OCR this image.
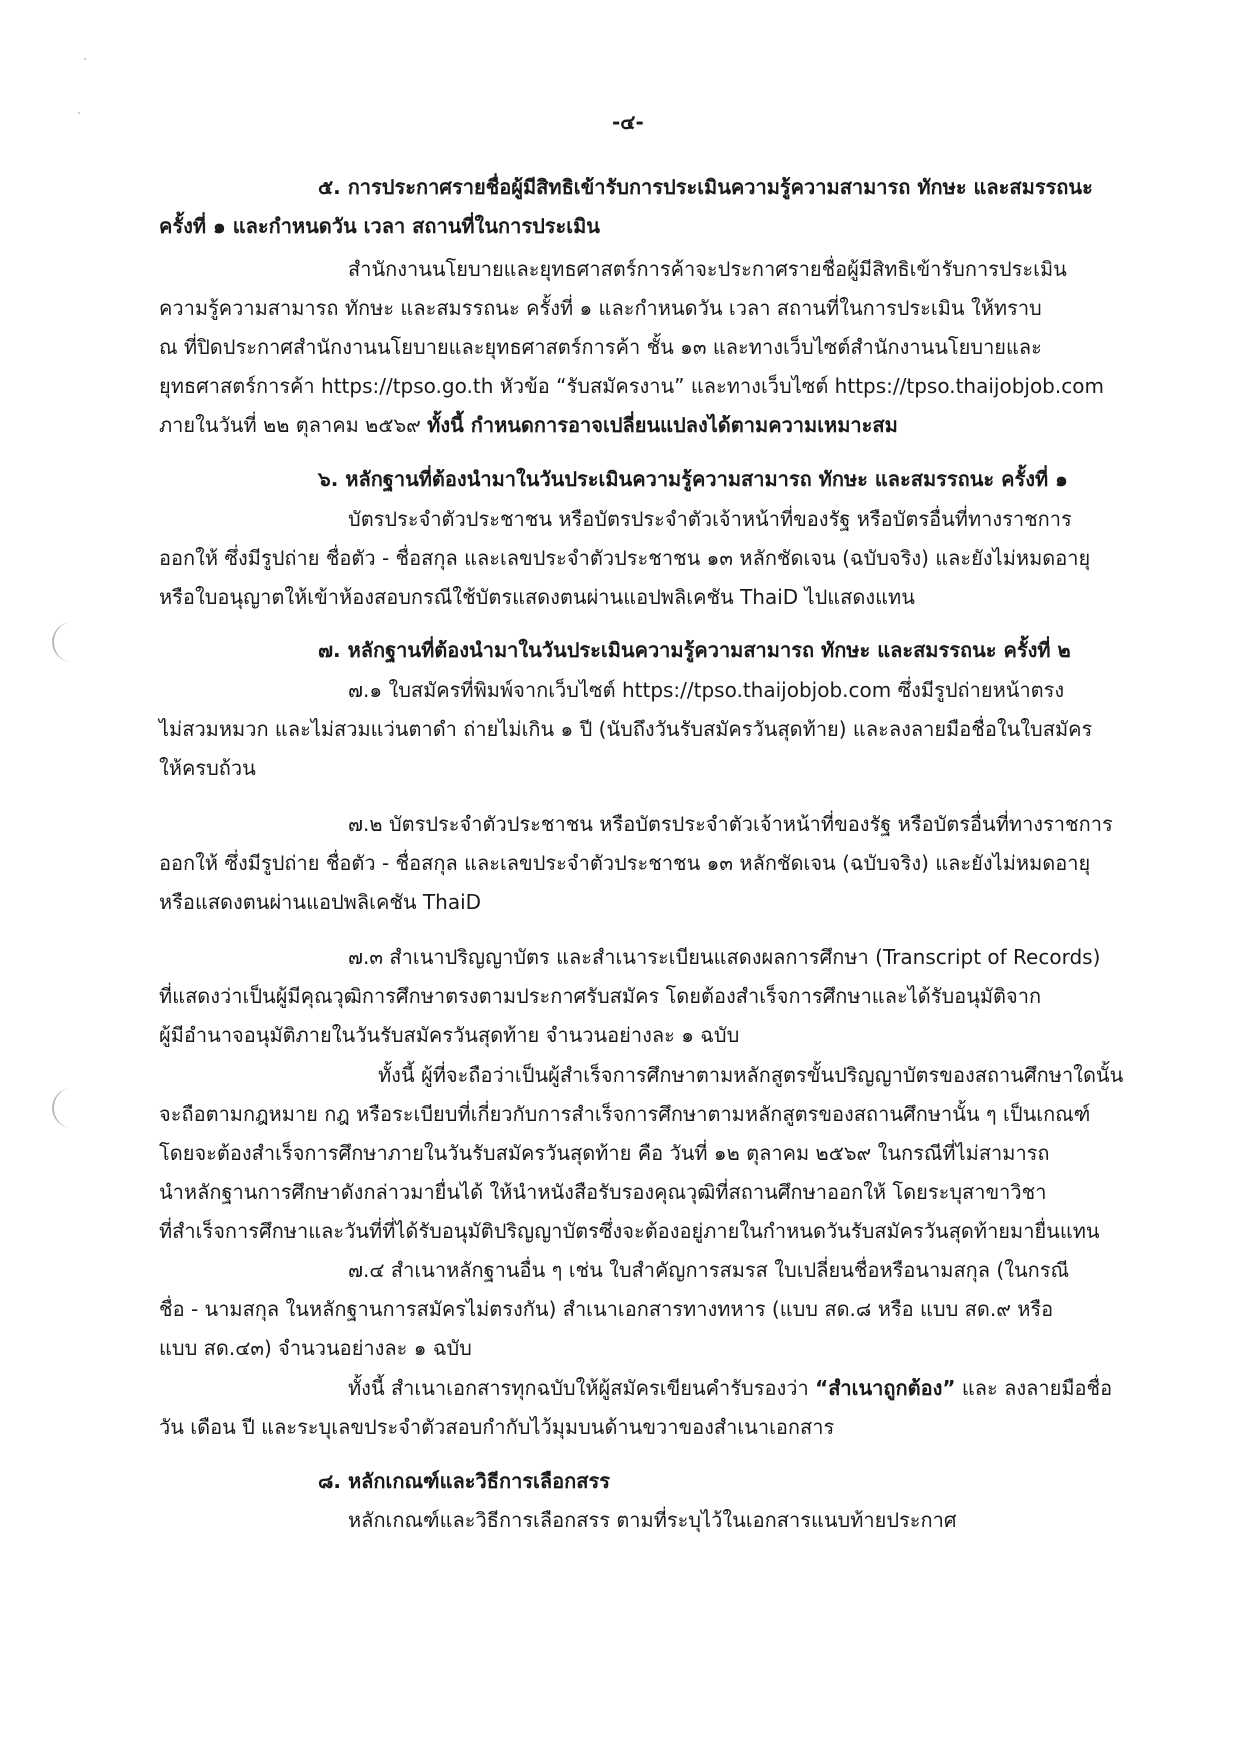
-๔-
๕. การประกาศรายชื่อผู้มีสิทธิเข้ารับการประเมินความรู้ความสามารถ ทักษะ และสมรรถนะ
ครั้งที่ ๑ และกำหนดวัน เวลา สถานที่ในการประเมิน
สำนักงานนโยบายและยุทธศาสตร์การค้าจะประกาศรายชื่อผู้มีสิทธิเข้ารับการประเมิน
ความรู้ความสามารถ ทักษะ และสมรรถนะ ครั้งที่ ๑ และกำหนดวัน เวลา สถานที่ในการประเมิน ให้ทราบ
ณ ที่ปิดประกาศสำนักงานนโยบายและยุทธศาสตร์การค้า ชั้น ๑๓ และทางเว็บไซต์สำนักงานนโยบายและ
ยุทธศาสตร์การค้า https://tpso.go.th หัวข้อ “รับสมัครงาน” และทางเว็บไซต์ https://tpso.thaijobjob.com
ภายในวันที่ ๒๒ ตุลาคม ๒๕๖๙ ทั้งนี้ กำหนดการอาจเปลี่ยนแปลงได้ตามความเหมาะสม
๖. หลักฐานที่ต้องนำมาในวันประเมินความรู้ความสามารถ ทักษะ และสมรรถนะ ครั้งที่ ๑
บัตรประจำตัวประชาชน หรือบัตรประจำตัวเจ้าหน้าที่ของรัฐ หรือบัตรอื่นที่ทางราชการ
ออกให้ ซึ่งมีรูปถ่าย ชื่อตัว - ชื่อสกุล และเลขประจำตัวประชาชน ๑๓ หลักชัดเจน (ฉบับจริง) และยังไม่หมดอายุ
หรือใบอนุญาตให้เข้าห้องสอบกรณีใช้บัตรแสดงตนผ่านแอปพลิเคชัน ThaiD ไปแสดงแทน
๗. หลักฐานที่ต้องนำมาในวันประเมินความรู้ความสามารถ ทักษะ และสมรรถนะ ครั้งที่ ๒
๗.๑ ใบสมัครที่พิมพ์จากเว็บไซต์ https://tpso.thaijobjob.com ซึ่งมีรูปถ่ายหน้าตรง
ไม่สวมหมวก และไม่สวมแว่นตาดำ ถ่ายไม่เกิน ๑ ปี (นับถึงวันรับสมัครวันสุดท้าย) และลงลายมือชื่อในใบสมัคร
ให้ครบถ้วน
๗.๒ บัตรประจำตัวประชาชน หรือบัตรประจำตัวเจ้าหน้าที่ของรัฐ หรือบัตรอื่นที่ทางราชการ
ออกให้ ซึ่งมีรูปถ่าย ชื่อตัว - ชื่อสกุล และเลขประจำตัวประชาชน ๑๓ หลักชัดเจน (ฉบับจริง) และยังไม่หมดอายุ
หรือแสดงตนผ่านแอปพลิเคชัน ThaiD
๗.๓ สำเนาปริญญาบัตร และสำเนาระเบียนแสดงผลการศึกษา (Transcript of Records)
ที่แสดงว่าเป็นผู้มีคุณวุฒิการศึกษาตรงตามประกาศรับสมัคร โดยต้องสำเร็จการศึกษาและได้รับอนุมัติจาก
ผู้มีอำนาจอนุมัติภายในวันรับสมัครวันสุดท้าย จำนวนอย่างละ ๑ ฉบับ
ทั้งนี้ ผู้ที่จะถือว่าเป็นผู้สำเร็จการศึกษาตามหลักสูตรขั้นปริญญาบัตรของสถานศึกษาใดนั้น
จะถือตามกฎหมาย กฎ หรือระเบียบที่เกี่ยวกับการสำเร็จการศึกษาตามหลักสูตรของสถานศึกษานั้น ๆ เป็นเกณฑ์
โดยจะต้องสำเร็จการศึกษาภายในวันรับสมัครวันสุดท้าย คือ วันที่ ๑๒ ตุลาคม ๒๕๖๙ ในกรณีที่ไม่สามารถ
นำหลักฐานการศึกษาดังกล่าวมายื่นได้ ให้นำหนังสือรับรองคุณวุฒิที่สถานศึกษาออกให้ โดยระบุสาขาวิชา
ที่สำเร็จการศึกษาและวันที่ที่ได้รับอนุมัติปริญญาบัตรซึ่งจะต้องอยู่ภายในกำหนดวันรับสมัครวันสุดท้ายมายื่นแทน
๗.๔ สำเนาหลักฐานอื่น ๆ เช่น ใบสำคัญการสมรส ใบเปลี่ยนชื่อหรือนามสกุล (ในกรณี
ชื่อ - นามสกุล ในหลักฐานการสมัครไม่ตรงกัน) สำเนาเอกสารทางทหาร (แบบ สด.๘ หรือ แบบ สด.๙ หรือ
แบบ สด.๔๓) จำนวนอย่างละ ๑ ฉบับ
ทั้งนี้ สำเนาเอกสารทุกฉบับให้ผู้สมัครเขียนคำรับรองว่า “สำเนาถูกต้อง” และ ลงลายมือชื่อ
วัน เดือน ปี และระบุเลขประจำตัวสอบกำกับไว้มุมบนด้านขวาของสำเนาเอกสาร
๘. หลักเกณฑ์และวิธีการเลือกสรร
หลักเกณฑ์และวิธีการเลือกสรร ตามที่ระบุไว้ในเอกสารแนบท้ายประกาศ
